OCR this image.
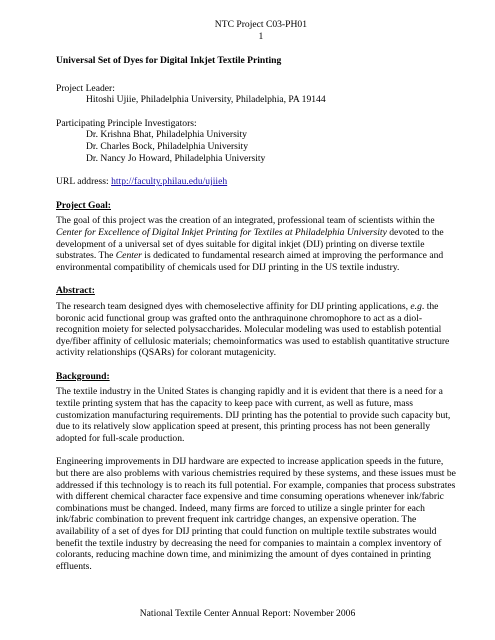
NTC Project C03-PH01
1
Universal Set of Dyes for Digital Inkjet Textile Printing
Project Leader:
Hitoshi Ujiie, Philadelphia University, Philadelphia, PA 19144
Participating Principle Investigators:
Dr. Krishna Bhat, Philadelphia University
Dr. Charles Bock, Philadelphia University
Dr. Nancy Jo Howard, Philadelphia University
URL address: http://faculty.philau.edu/ujiieh
Project Goal:
The goal of this project was the creation of an integrated, professional team of scientists within the Center for Excellence of Digital Inkjet Printing for Textiles at Philadelphia University devoted to the development of a universal set of dyes suitable for digital inkjet (DIJ) printing on diverse textile substrates. The Center is dedicated to fundamental research aimed at improving the performance and environmental compatibility of chemicals used for DIJ printing in the US textile industry.
Abstract:
The research team designed dyes with chemoselective affinity for DIJ printing applications, e.g. the boronic acid functional group was grafted onto the anthraquinone chromophore to act as a diol-recognition moiety for selected polysaccharides. Molecular modeling was used to establish potential dye/fiber affinity of cellulosic materials; chemoinformatics was used to establish quantitative structure activity relationships (QSARs) for colorant mutagenicity.
Background:
The textile industry in the United States is changing rapidly and it is evident that there is a need for a textile printing system that has the capacity to keep pace with current, as well as future, mass customization manufacturing requirements. DIJ printing has the potential to provide such capacity but, due to its relatively slow application speed at present, this printing process has not been generally adopted for full-scale production.
Engineering improvements in DIJ hardware are expected to increase application speeds in the future, but there are also problems with various chemistries required by these systems, and these issues must be addressed if this technology is to reach its full potential. For example, companies that process substrates with different chemical character face expensive and time consuming operations whenever ink/fabric combinations must be changed. Indeed, many firms are forced to utilize a single printer for each ink/fabric combination to prevent frequent ink cartridge changes, an expensive operation. The availability of a set of dyes for DIJ printing that could function on multiple textile substrates would benefit the textile industry by decreasing the need for companies to maintain a complex inventory of colorants, reducing machine down time, and minimizing the amount of dyes contained in printing effluents.
National Textile Center Annual Report: November 2006
